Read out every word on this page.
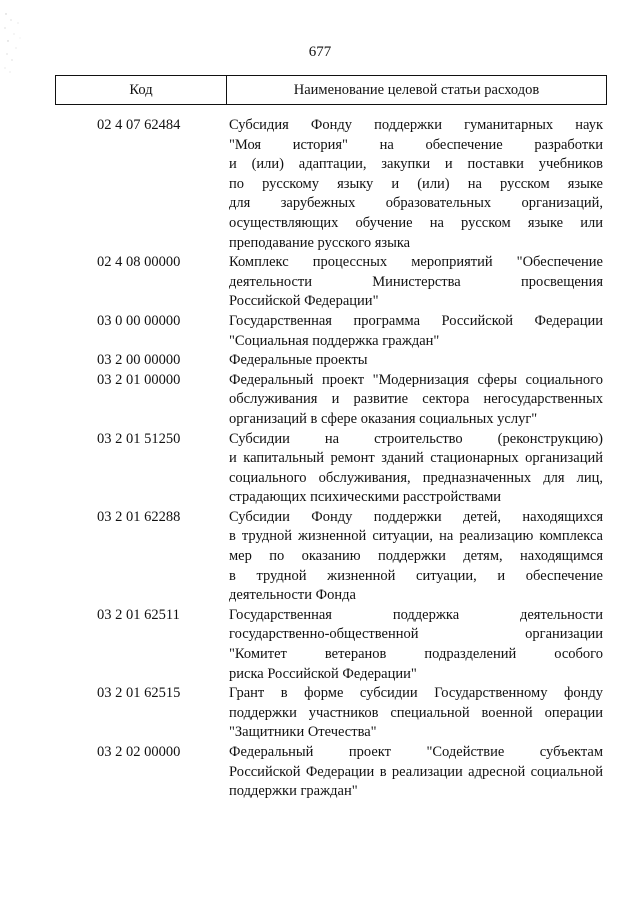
677
Код	Наименование целевой статьи расходов
02 4 07 62484	Субсидия Фонду поддержки гуманитарных наук
"Моя история" на обеспечение разработки
и (или) адаптации, закупки и поставки учебников
по русскому языку и (или) на русском языке
для зарубежных образовательных организаций,
осуществляющих обучение на русском языке или
преподавание русского языка
02 4 08 00000	Комплекс процессных мероприятий "Обеспечение
деятельности Министерства просвещения
Российской Федерации"
03 0 00 00000	Государственная программа Российской Федерации
"Социальная поддержка граждан"
03 2 00 00000	Федеральные проекты
03 2 01 00000	Федеральный проект "Модернизация сферы социального
обслуживания и развитие сектора негосударственных
организаций в сфере оказания социальных услуг"
03 2 01 51250	Субсидии на строительство (реконструкцию)
и капитальный ремонт зданий стационарных организаций
социального обслуживания, предназначенных для лиц,
страдающих психическими расстройствами
03 2 01 62288	Субсидии Фонду поддержки детей, находящихся
в трудной жизненной ситуации, на реализацию комплекса
мер по оказанию поддержки детям, находящимся
в трудной жизненной ситуации, и обеспечение
деятельности Фонда
03 2 01 62511	Государственная поддержка деятельности
государственно-общественной организации
"Комитет ветеранов подразделений особого
риска Российской Федерации"
03 2 01 62515	Грант в форме субсидии Государственному фонду
поддержки участников специальной военной операции
"Защитники Отечества"
03 2 02 00000	Федеральный проект "Содействие субъектам
Российской Федерации в реализации адресной социальной
поддержки граждан"
